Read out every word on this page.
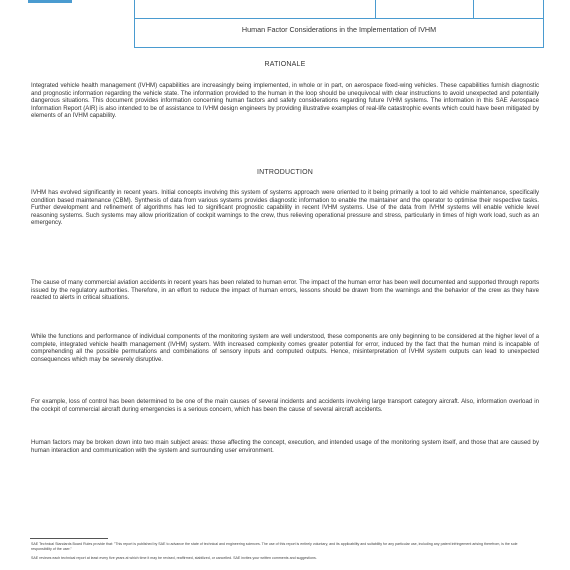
Human Factor Considerations in the Implementation of IVHM
RATIONALE

Integrated vehicle health management (IVHM) capabilities are increasingly being implemented, in whole or in part, on aerospace fixed-wing vehicles. These capabilities furnish diagnostic and prognostic information regarding the vehicle state. The information provided to the human in the loop should be unequivocal with clear instructions to avoid unexpected and potentially dangerous situations. This document provides information concerning human factors and safety considerations regarding future IVHM systems. The information in this SAE Aerospace Information Report (AIR) is also intended to be of assistance to IVHM design engineers by providing illustrative examples of real-life catastrophic events which could have been mitigated by elements of an IVHM capability.

INTRODUCTION

IVHM has evolved significantly in recent years. Initial concepts involving this system of systems approach were oriented to it being primarily a tool to aid vehicle maintenance, specifically condition based maintenance (CBM). Synthesis of data from various systems provides diagnostic information to enable the maintainer and the operator to optimise their respective tasks. Further development and refinement of algorithms has led to significant prognostic capability in recent IVHM systems. Use of the data from IVHM systems will enable vehicle level reasoning systems. Such systems may allow prioritization of cockpit warnings to the crew, thus relieving operational pressure and stress, particularly in times of high work load, such as an emergency.

The cause of many commercial aviation accidents in recent years has been related to human error. The impact of the human error has been well documented and supported through reports issued by the regulatory authorities. Therefore, in an effort to reduce the impact of human errors, lessons should be drawn from the warnings and the behavior of the crew as they have reacted to alerts in critical situations.

While the functions and performance of individual components of the monitoring system are well understood, these components are only beginning to be considered at the higher level of a complete, integrated vehicle health management (IVHM) system. With increased complexity comes greater potential for error, induced by the fact that the human mind is incapable of comprehending all the possible permutations and combinations of sensory inputs and computed outputs. Hence, misinterpretation of IVHM system outputs can lead to unexpected consequences which may be severely disruptive.

For example, loss of control has been determined to be one of the main causes of several incidents and accidents involving large transport category aircraft. Also, information overload in the cockpit of commercial aircraft during emergencies is a serious concern, which has been the cause of several aircraft accidents.

Human factors may be broken down into two main subject areas: those affecting the concept, execution, and intended usage of the monitoring system itself, and those that are caused by human interaction and communication with the system and surrounding user environment.

SAE Technical Standards Board Rules provide that: "This report is published by SAE to advance the state of technical and engineering sciences. The use of this report is entirely voluntary, and its applicability and suitability for any particular use, including any patent infringement arising therefrom, is the sole responsibility of the user."

SAE reviews each technical report at least every five years at which time it may be revised, reaffirmed, stabilized, or cancelled. SAE invites your written comments and suggestions.
